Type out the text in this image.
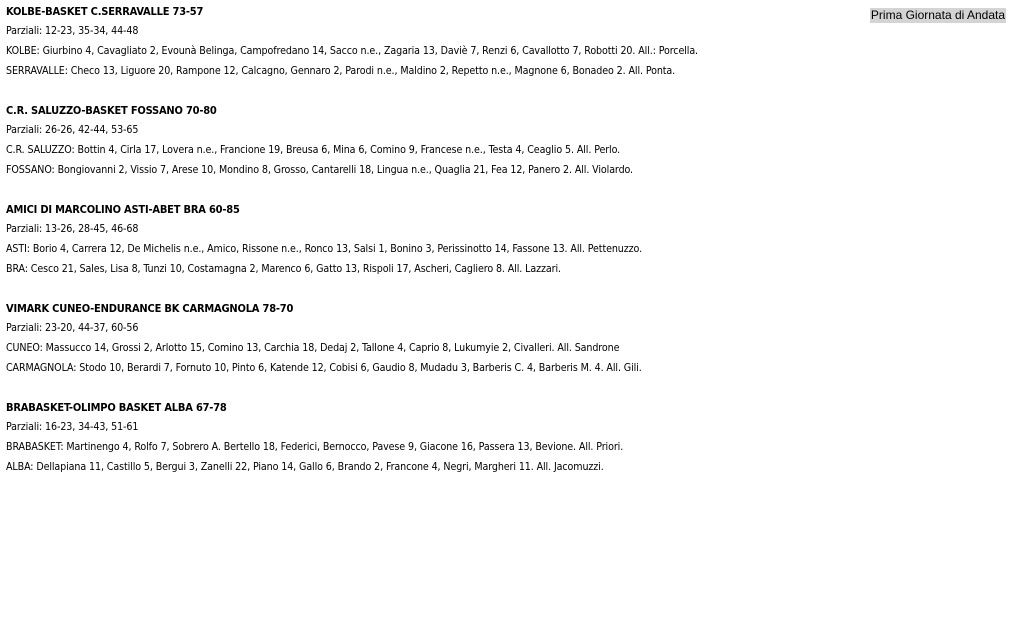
KOLBE-BASKET C.SERRAVALLE 73-57
Parziali: 12-23, 35-34, 44-48
KOLBE: Giurbino 4, Cavagliato 2, Evounà Belinga, Campofredano 14, Sacco n.e., Zagaria 13, Daviè 7, Renzi 6, Cavallotto 7, Robotti 20. All.: Porcella.
SERRAVALLE: Checo 13, Liguore 20, Rampone 12, Calcagno, Gennaro 2, Parodi n.e., Maldino 2, Repetto n.e., Magnone 6, Bonadeo 2. All. Ponta.
C.R. SALUZZO-BASKET FOSSANO 70-80
Parziali: 26-26, 42-44, 53-65
C.R. SALUZZO: Bottin 4, Cirla 17, Lovera n.e., Francione 19, Breusa 6, Mina 6, Comino 9, Francese n.e., Testa 4, Ceaglio 5. All. Perlo.
FOSSANO: Bongiovanni 2, Vissio 7, Arese 10, Mondino 8, Grosso, Cantarelli 18, Lingua n.e., Quaglia 21, Fea 12, Panero 2. All. Violardo.
AMICI DI MARCOLINO ASTI-ABET BRA 60-85
Parziali: 13-26, 28-45, 46-68
ASTI: Borio 4, Carrera 12, De Michelis n.e., Amico, Rissone n.e., Ronco 13, Salsi 1, Bonino 3, Perissinotto 14, Fassone 13. All. Pettenuzzo.
BRA: Cesco 21, Sales, Lisa 8, Tunzi 10, Costamagna 2, Marenco 6, Gatto 13, Rispoli 17, Ascheri, Cagliero 8. All. Lazzari.
VIMARK CUNEO-ENDURANCE BK CARMAGNOLA 78-70
Parziali: 23-20, 44-37, 60-56
CUNEO: Massucco 14, Grossi 2, Arlotto 15, Comino 13, Carchia 18, Dedaj 2, Tallone 4, Caprio 8, Lukumyie 2, Civalleri. All. Sandrone
CARMAGNOLA: Stodo 10, Berardi 7, Fornuto 10, Pinto 6, Katende 12, Cobisi 6, Gaudio 8, Mudadu 3, Barberis C. 4, Barberis M. 4. All. Gili.
BRABASKET-OLIMPO BASKET ALBA 67-78
Parziali: 16-23, 34-43, 51-61
BRABASKET: Martinengo 4, Rolfo 7, Sobrero A. Bertello 18, Federici, Bernocco, Pavese 9, Giacone 16, Passera 13, Bevione. All. Priori.
ALBA: Dellapiana 11, Castillo 5, Bergui 3, Zanelli 22, Piano 14, Gallo 6, Brando 2, Francone 4, Negri, Margheri 11. All. Jacomuzzi.
Prima Giornata di Andata
